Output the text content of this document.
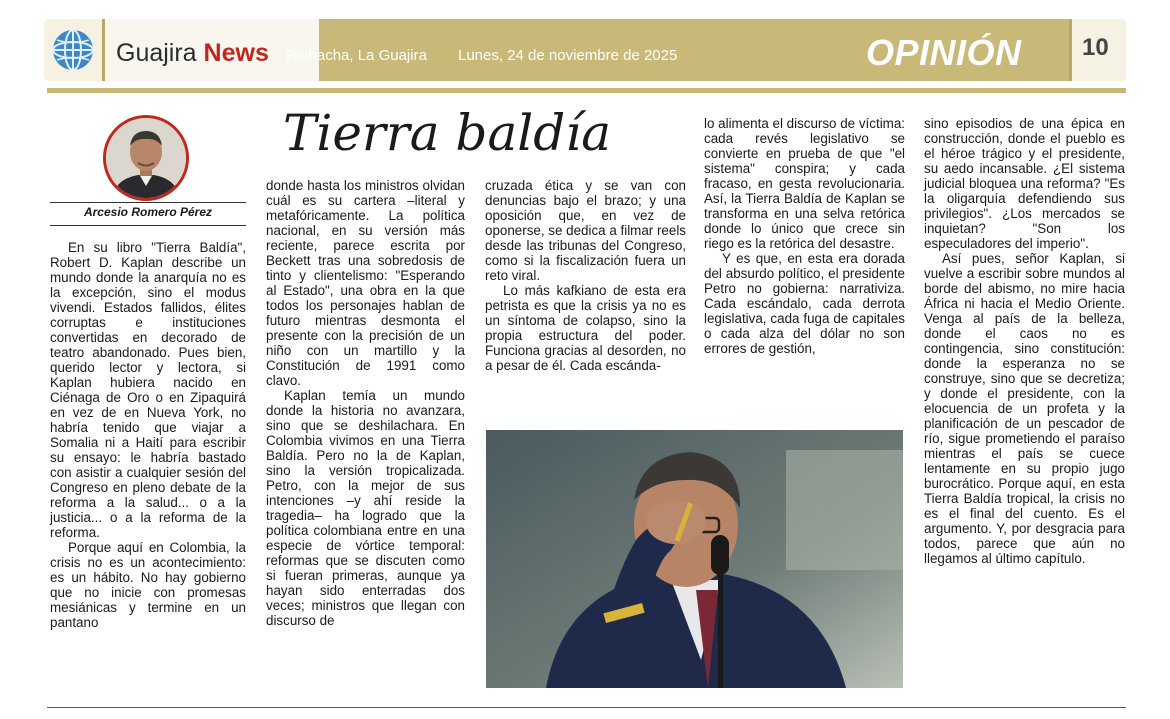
Guajira News Riohacha, La Guajira Lunes, 24 de noviembre de 2025	OPINIÓN	10
Arcesio Romero Pérez
Tierra baldía

En su libro "Tierra Baldía", Robert D. Kaplan describe un mundo donde la anarquía no es la excepción, sino el modus vivendi. Estados fallidos, élites corruptas e instituciones convertidas en decorado de teatro abandonado. Pues bien, querido lector y lectora, si Kaplan hubiera nacido en Ciénaga de Oro o en Zipaquirá en vez de en Nueva York, no habría tenido que viajar a Somalia ni a Haití para escribir su ensayo: le habría bastado con asistir a cualquier sesión del Congreso en pleno debate de la reforma a la salud... o a la justicia... o a la reforma de la reforma.

Porque aquí en Colombia, la crisis no es un acontecimiento: es un hábito. No hay gobierno que no inicie con promesas mesiánicas y termine en un pantano

donde hasta los ministros olvidan cuál es su cartera –literal y metafóricamente. La política nacional, en su versión más reciente, parece escrita por Beckett tras una sobredosis de tinto y clientelismo: "Esperando al Estado", una obra en la que todos los personajes hablan de futuro mientras desmonta el presente con la precisión de un niño con un martillo y la Constitución de 1991 como clavo.

Kaplan temía un mundo donde la historia no avanzara, sino que se deshilachara. En Colombia vivimos en una Tierra Baldía. Pero no la de Kaplan, sino la versión tropicalizada. Petro, con la mejor de sus intenciones –y ahí reside la tragedia– ha logrado que la política colombiana entre en una especie de vórtice temporal: reformas que se discuten como si fueran primeras, aunque ya hayan sido enterradas dos veces; ministros que llegan con discurso de

cruzada ética y se van con denuncias bajo el brazo; y una oposición que, en vez de oponerse, se dedica a filmar reels desde las tribunas del Congreso, como si la fiscalización fuera un reto viral.

Lo más kafkiano de esta era petrista es que la crisis ya no es un síntoma de colapso, sino la propia estructura del poder. Funciona gracias al desorden, no a pesar de él. Cada escánda-

lo alimenta el discurso de víctima: cada revés legislativo se convierte en prueba de que "el sistema" conspira; y cada fracaso, en gesta revolucionaria. Así, la Tierra Baldía de Kaplan se transforma en una selva retórica donde lo único que crece sin riego es la retórica del desastre.

Y es que, en esta era dorada del absurdo político, el presidente Petro no gobierna: narrativiza. Cada escándalo, cada derrota legislativa, cada fuga de capitales o cada alza del dólar no son errores de gestión,

sino episodios de una épica en construcción, donde el pueblo es el héroe trágico y el presidente, su aedo incansable. ¿El sistema judicial bloquea una reforma? "Es la oligarquía defendiendo sus privilegios". ¿Los mercados se inquietan? "Son los especuladores del imperio".

Así pues, señor Kaplan, si vuelve a escribir sobre mundos al borde del abismo, no mire hacia África ni hacia el Medio Oriente. Venga al país de la belleza, donde el caos no es contingencia, sino constitución: donde la esperanza no se construye, sino que se decretiza; y donde el presidente, con la elocuencia de un profeta y la planificación de un pescador de río, sigue prometiendo el paraíso mientras el país se cuece lentamente en su propio jugo burocrático. Porque aquí, en esta Tierra Baldía tropical, la crisis no es el final del cuento. Es el argumento. Y, por desgracia para todos, parece que aún no llegamos al último capítulo.
